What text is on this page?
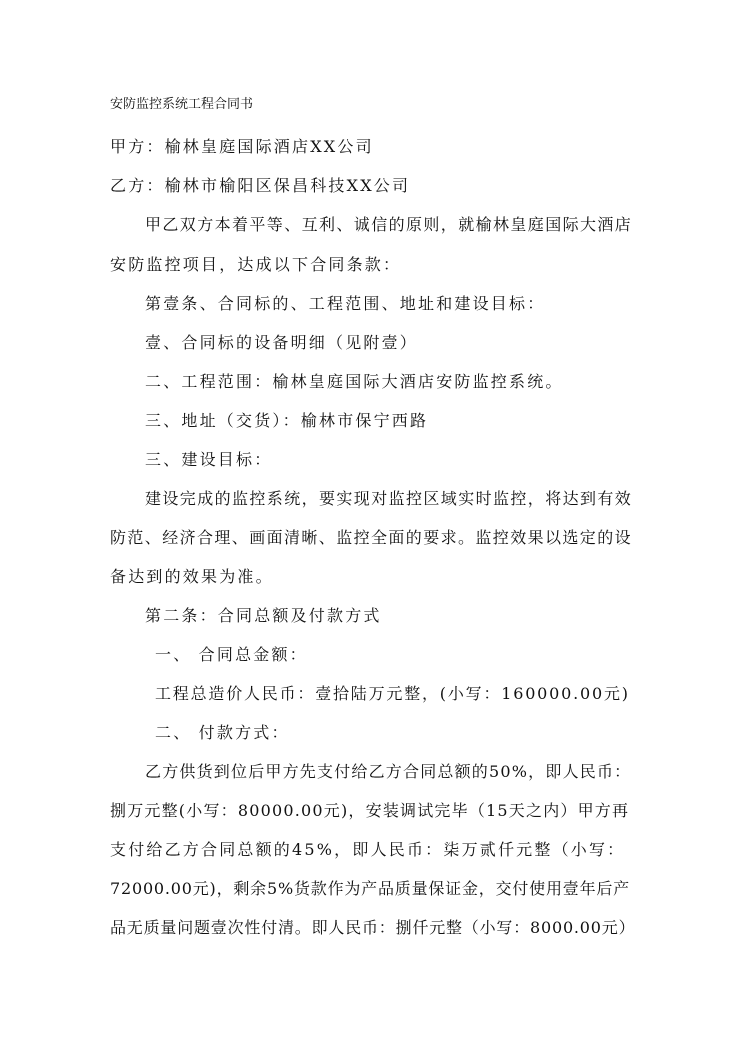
安防监控系统工程合同书
甲方：榆林皇庭国际酒店XX公司
乙方：榆林市榆阳区保昌科技XX公司
甲乙双方本着平等、互利、诚信的原则，就榆林皇庭国际大酒店
安防监控项目，达成以下合同条款：
第壹条、合同标的、工程范围、地址和建设目标：
壹、合同标的设备明细（见附壹）
二、工程范围：榆林皇庭国际大酒店安防监控系统。
三、地址（交货）：榆林市保宁西路
三、建设目标：
建设完成的监控系统，要实现对监控区域实时监控，将达到有效
防范、经济合理、画面清晰、监控全面的要求。监控效果以选定的设
备达到的效果为准。
第二条：合同总额及付款方式
一、 合同总金额：
工程总造价人民币：壹拾陆万元整，(小写：160000.00元)
二、 付款方式：
乙方供货到位后甲方先支付给乙方合同总额的50%，即人民币：
捌万元整(小写：80000.00元)，安装调试完毕（15天之内）甲方再
支付给乙方合同总额的45%，即人民币：柒万贰仟元整（小写：
72000.00元)，剩余5%货款作为产品质量保证金，交付使用壹年后产
品无质量问题壹次性付清。即人民币：捌仟元整（小写：8000.00元）
